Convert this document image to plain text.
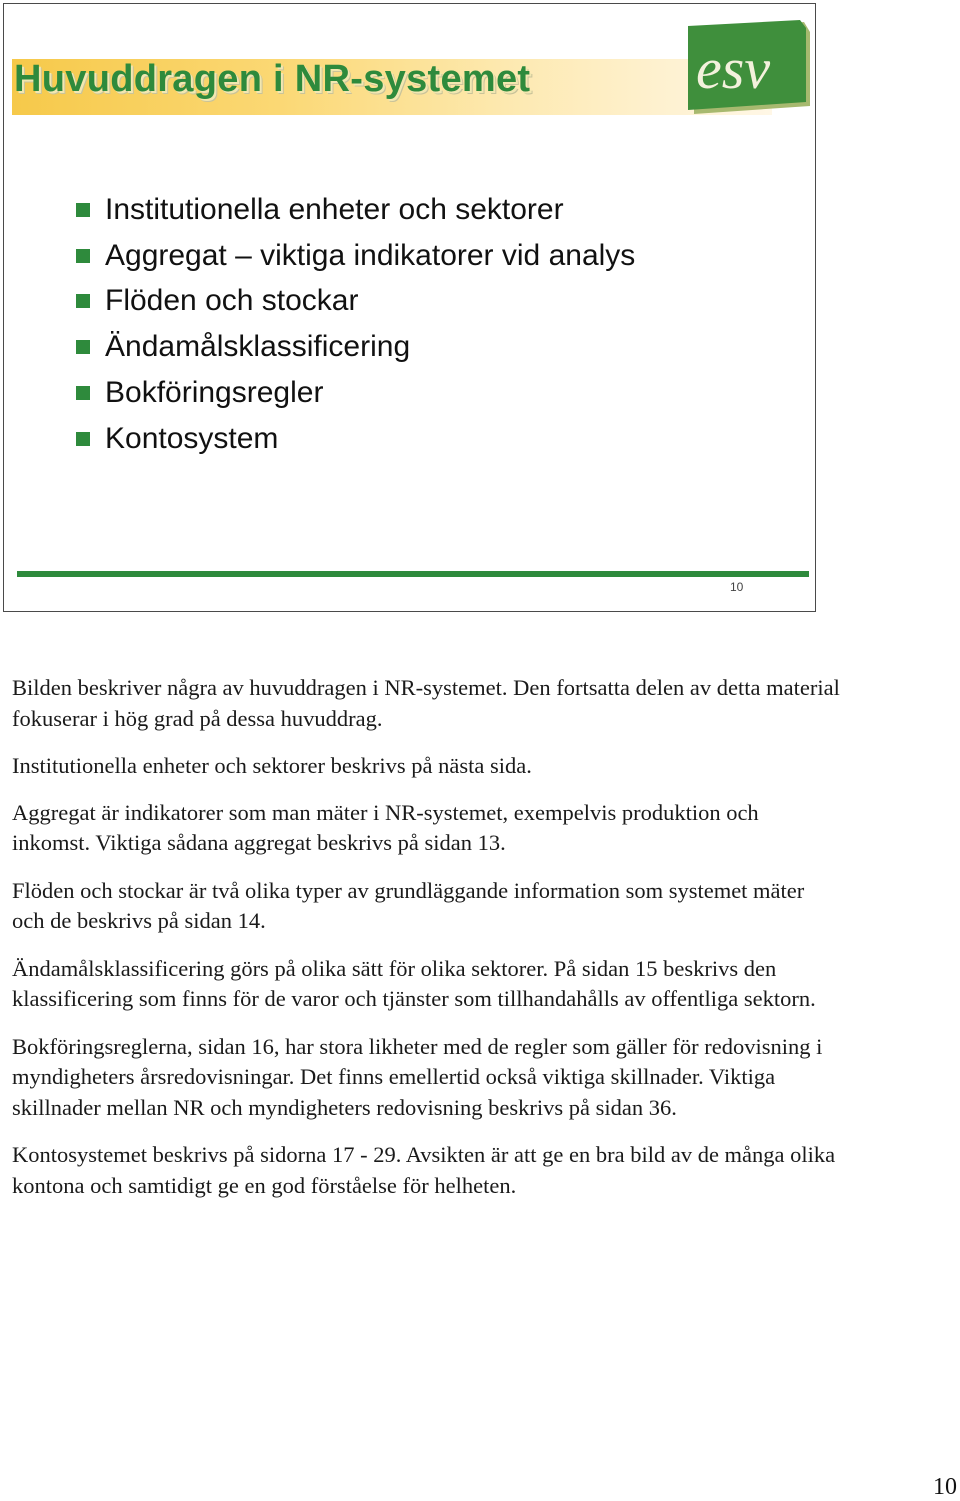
Huvuddragen i NR-systemet	esv
Institutionella enheter och sektorer
Aggregat – viktiga indikatorer vid analys
Flöden och stockar
Ändamålsklassificering
Bokföringsregler
Kontosystem
10

Bilden beskriver några av huvuddragen i NR-systemet. Den fortsatta delen av detta material fokuserar i hög grad på dessa huvuddrag.

Institutionella enheter och sektorer beskrivs på nästa sida.

Aggregat är indikatorer som man mäter i NR-systemet, exempelvis produktion och inkomst. Viktiga sådana aggregat beskrivs på sidan 13.

Flöden och stockar är två olika typer av grundläggande information som systemet mäter och de beskrivs på sidan 14.

Ändamålsklassificering görs på olika sätt för olika sektorer. På sidan 15 beskrivs den klassificering som finns för de varor och tjänster som tillhandahålls av offentliga sektorn.

Bokföringsreglerna, sidan 16, har stora likheter med de regler som gäller för redovisning i myndigheters årsredovisningar. Det finns emellertid också viktiga skillnader. Viktiga skillnader mellan NR och myndigheters redovisning beskrivs på sidan 36.

Kontosystemet beskrivs på sidorna 17 - 29. Avsikten är att ge en bra bild av de många olika kontona och samtidigt ge en god förståelse för helheten.

10
